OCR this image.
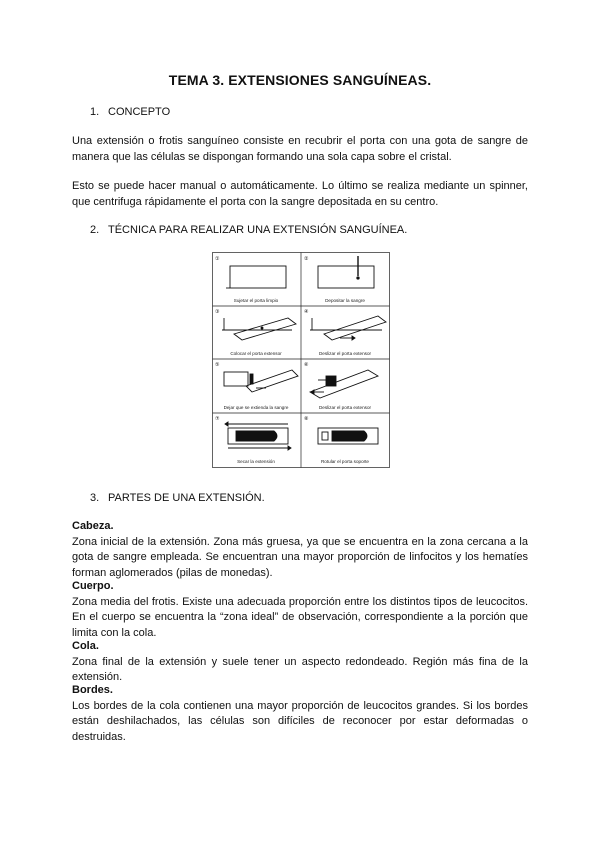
TEMA 3. EXTENSIONES SANGUÍNEAS.
1. CONCEPTO

Una extensión o frotis sanguíneo consiste en recubrir el porta con una gota de sangre de manera que las células se dispongan formando una sola capa sobre el cristal.

Esto se puede hacer manual o automáticamente. Lo último se realiza mediante un spinner, que centrifuga rápidamente el porta con la sangre depositada en su centro.

2. TÉCNICA PARA REALIZAR UNA EXTENSIÓN SANGUÍNEA.
①	②
③	④
⑤	⑥
⑦	⑧
Sujetar el porta limpio	Depositar la sangre
Colocar el porta extensor	Deslizar el porta extensor
Dejar que se extienda la sangre	Deslizar el porta extensor
Secar la extensión	Rotular el porta soporte
3. PARTES DE UNA EXTENSIÓN.
Cabeza.

Zona inicial de la extensión. Zona más gruesa, ya que se encuentra en la zona cercana a la gota de sangre empleada. Se encuentran una mayor proporción de linfocitos y los hematíes forman aglomerados (pilas de monedas).

Cuerpo.

Zona media del frotis. Existe una adecuada proporción entre los distintos tipos de leucocitos. En el cuerpo se encuentra la “zona ideal” de observación, correspondiente a la porción que limita con la cola.

Cola.

Zona final de la extensión y suele tener un aspecto redondeado. Región más fina de la extensión.

Bordes.

Los bordes de la cola contienen una mayor proporción de leucocitos grandes. Si los bordes están deshilachados, las células son difíciles de reconocer por estar deformadas o destruidas.
